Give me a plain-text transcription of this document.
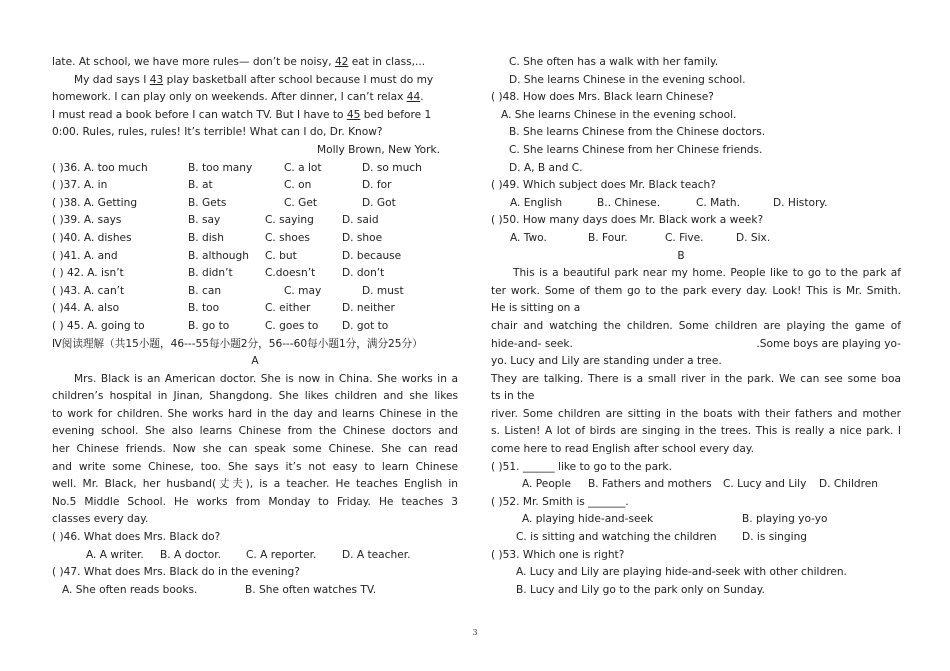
late. At school, we have more rules— don’t be noisy, 42 eat in class,...
My dad says I 43 play basketball after school because I must do my
homework. I can play only on weekends. After dinner, I can’t relax 44.
I must read a book before I can watch TV. But I have to 45 bed before 1
0:00. Rules, rules, rules! It’s terrible! What can I do, Dr. Know?
Molly Brown, New York.
( )36. A. too much	B. too many	C. a lot	D. so much
( )37. A. in	B. at	C. on	D. for
( )38. A. Getting	B. Gets	C. Get	D. Got
( )39. A. says	B. say	C. saying	D. said
( )40. A. dishes	B. dish	C. shoes	D. shoe
( )41. A. and	B. although C. but	D. because
( ) 42. A. isn’t	B. didn’t	C.doesn’t	D. don’t
( )43. A. can’t	B. can	C. may	D. must
( )44. A. also	B. too	C. either	D. neither
( ) 45. A. going to	B. go to	C. goes to D. got to
Ⅳ阅读理解（共15小题，46---55每小题2分，56---60每小题1分，满分25分）
A
Mrs. Black is an American doctor. She is now in China. She works in a
children’s hospital in Jinan, Shangdong. She likes children and she likes
to work for children. She works hard in the day and learns Chinese in the
evening school. She also learns Chinese from the Chinese doctors and
her Chinese friends. Now she can speak some Chinese. She can read
and write some Chinese, too. She says it’s not easy to learn Chinese
well. Mr. Black, her husband(丈夫), is a teacher. He teaches English in
No.5 Middle School. He works from Monday to Friday. He teaches 3
classes every day.
( )46. What does Mrs. Black do?
A. A writer. B. A doctor. C. A reporter. D. A teacher.
( )47. What does Mrs. Black do in the evening?
A. She often reads books.	B. She often watches TV.
C. She often has a walk with her family.
D. She learns Chinese in the evening school.
( )48. How does Mrs. Black learn Chinese?
A. She learns Chinese in the evening school.
B. She learns Chinese from the Chinese doctors.
C. She learns Chinese from her Chinese friends.
D. A, B and C.
( )49. Which subject does Mr. Black teach?
A. English	B.. Chinese.	C. Math.	D. History.
( )50. How many days does Mr. Black work a week?
A. Two.	B. Four.	C. Five.	D. Six.
B
This is a beautiful park near my home. People like to go to the park af
ter work. Some of them go to the park every day. Look! This is Mr. Smith.
He is sitting on a
chair and watching the children. Some children are playing the game of
hide-and- seek.	.Some boys are playing yo-
yo. Lucy and Lily are standing under a tree.
They are talking. There is a small river in the park. We can see some boa
ts in the
river. Some children are sitting in the boats with their fathers and mother
s. Listen! A lot of birds are singing in the trees. This is really a nice park. I
come here to read English after school every day.
( )51. ______ like to go to the park.
A. People B. Fathers and mothers C. Lucy and Lily D. Children
( )52. Mr. Smith is _______.
A. playing hide-and-seek	B. playing yo-yo
C. is sitting and watching the children D. is singing
( )53. Which one is right?
A. Lucy and Lily are playing hide-and-seek with other children.
B. Lucy and Lily go to the park only on Sunday.
3
